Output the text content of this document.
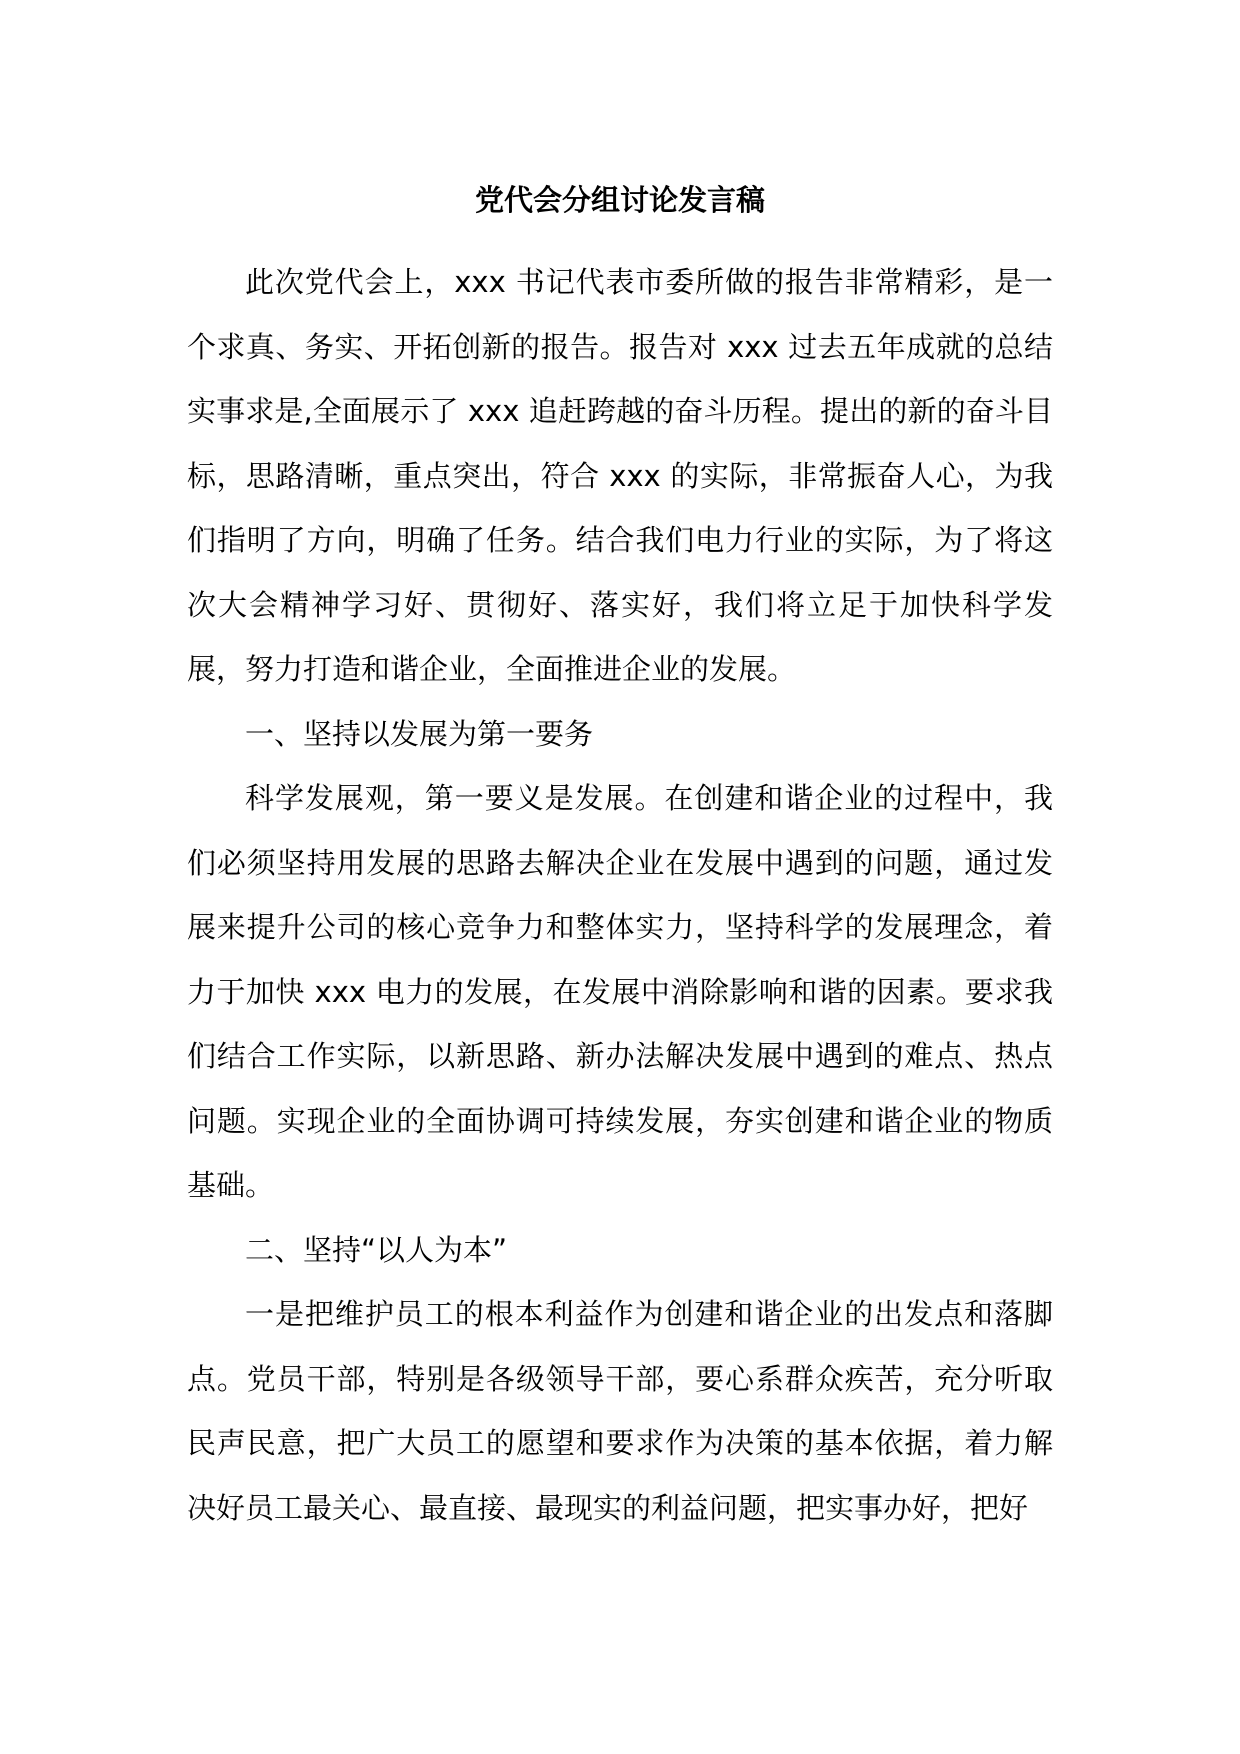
党代会分组讨论发言稿

此次党代会上，xxx 书记代表市委所做的报告非常精彩，是一个求真、务实、开拓创新的报告。报告对 xxx 过去五年成就的总结实事求是,全面展示了 xxx 追赶跨越的奋斗历程。提出的新的奋斗目标，思路清晰，重点突出，符合 xxx 的实际，非常振奋人心，为我们指明了方向，明确了任务。结合我们电力行业的实际，为了将这次大会精神学习好、贯彻好、落实好，我们将立足于加快科学发展，努力打造和谐企业，全面推进企业的发展。

一、坚持以发展为第一要务

科学发展观，第一要义是发展。在创建和谐企业的过程中，我们必须坚持用发展的思路去解决企业在发展中遇到的问题，通过发展来提升公司的核心竞争力和整体实力，坚持科学的发展理念，着力于加快 xxx 电力的发展，在发展中消除影响和谐的因素。要求我们结合工作实际，以新思路、新办法解决发展中遇到的难点、热点问题。实现企业的全面协调可持续发展，夯实创建和谐企业的物质基础。

二、坚持“以人为本”

一是把维护员工的根本利益作为创建和谐企业的出发点和落脚点。党员干部，特别是各级领导干部，要心系群众疾苦，充分听取民声民意，把广大员工的愿望和要求作为决策的基本依据，着力解决好员工最关心、最直接、最现实的利益问题，把实事办好，把好
